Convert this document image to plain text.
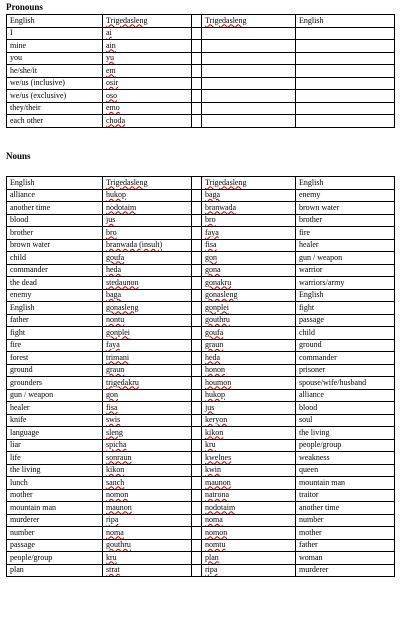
Pronouns
English	Trigedasleng		Trigedasleng	English
I	ai			
mine	ain			
you	yu			
he/she/it	em			
we/us (inclusive)	osir			
we/us (exclusive)	oso			
they/their	emo			
each other	choda			
Nouns
English	Trigedasleng		Trigedasleng	English
alliance	hukop		baga	enemy
another time	nodotaim		branwada	brown water
blood	jus		bro	brother
brother	bro		faya	fire
brown water	branwada (insult)		fisa	healer
child	goufa		gon	gun / weapon
commander	heda		gona	warrior
the dead	stedaunon		gonakru	warriors/army
enemy	baga		gonasleng	English
English	gonasleng		gonplei	fight
father	nontu		gouthru	passage
fight	gonplei		goufa	child
fire	faya		graun	ground
forest	trimani		heda	commander
ground	graun		honon	prisoner
grounders	trigedakru		houmon	spouse/wife/husband
gun / weapon	gon		hukop	alliance
healer	fisa		jus	blood
knife	swis		keryon	soul
language	sleng		kikon	the living
liar	spicha		kru	people/group
life	sonraun		kwelnes	weakness
the living	kikon		kwin	queen
lunch	sanch		maunon	mountain man
mother	nomon		natrona	traitor
mountain man	maunon		nodotaim	another time
murderer	ripa		noma	number
number	noma		nomon	mother
passage	gouthru		nomtu	father
people/group	kru		plan	woman
plan	strat		ripa	murderer
